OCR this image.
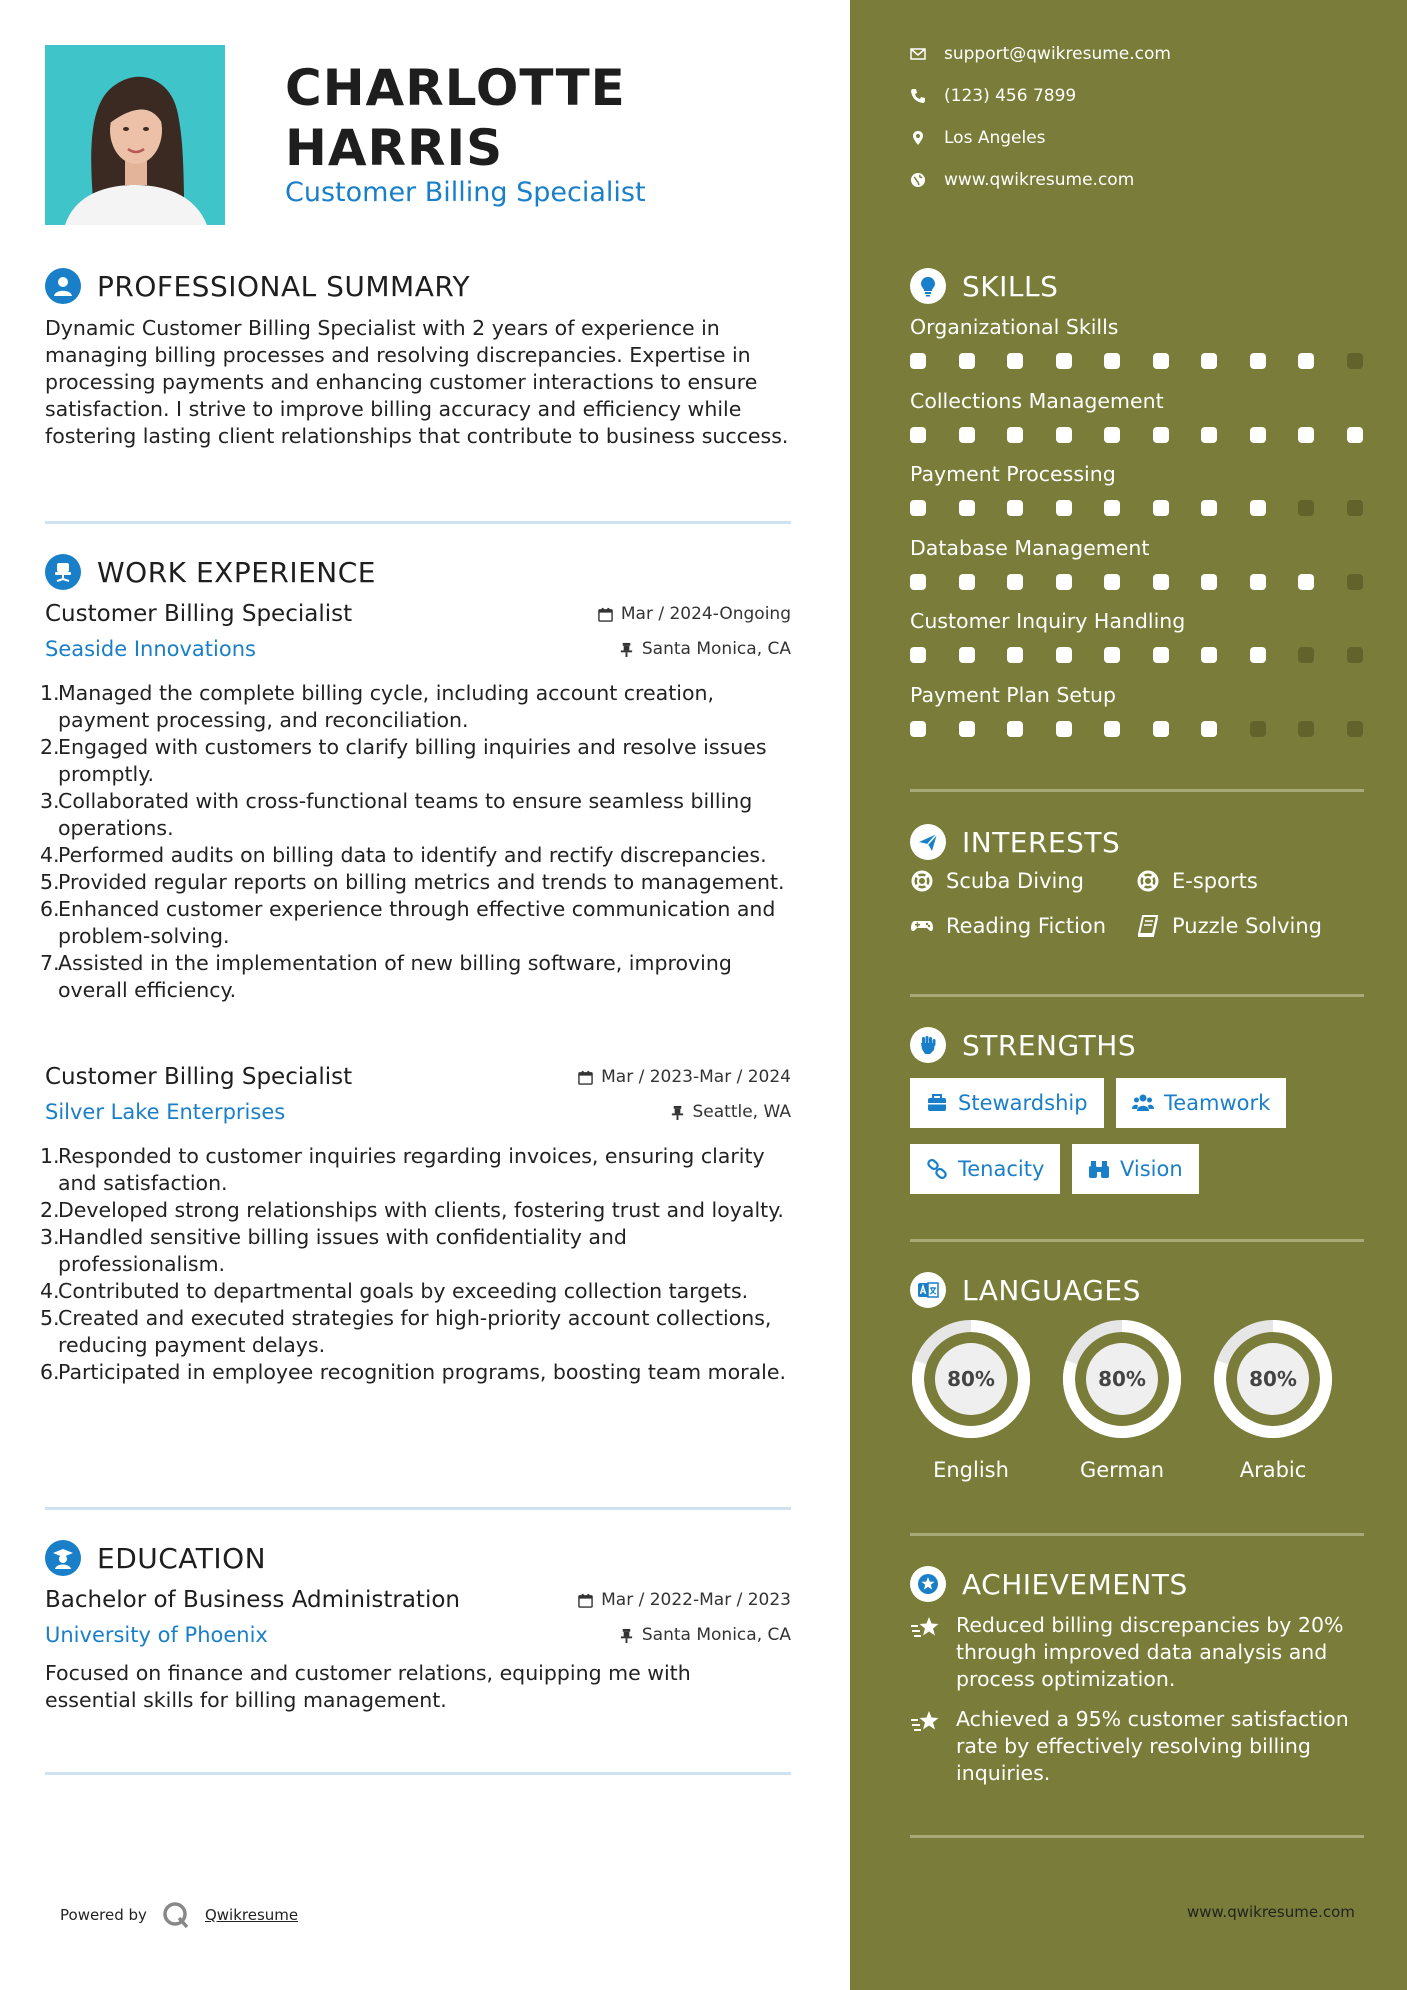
CHARLOTTE
HARRIS
Customer Billing Specialist
PROFESSIONAL SUMMARY
Dynamic Customer Billing Specialist with 2 years of experience in managing billing processes and resolving discrepancies. Expertise in processing payments and enhancing customer interactions to ensure satisfaction. I strive to improve billing accuracy and efficiency while fostering lasting client relationships that contribute to business success.
WORK EXPERIENCE
Customer Billing Specialist	Mar / 2024-Ongoing
Seaside Innovations	Santa Monica, CA
1.
Managed the complete billing cycle, including account creation, payment processing, and reconciliation.
2.
Engaged with customers to clarify billing inquiries and resolve issues promptly.
3.
Collaborated with cross-functional teams to ensure seamless billing operations.
4.
Performed audits on billing data to identify and rectify discrepancies.
5.
Provided regular reports on billing metrics and trends to management.
6.
Enhanced customer experience through effective communication and problem-solving.
7.
Assisted in the implementation of new billing software, improving overall efficiency.
Customer Billing Specialist	Mar / 2023-Mar / 2024
Silver Lake Enterprises	Seattle, WA
1.
Responded to customer inquiries regarding invoices, ensuring clarity and satisfaction.
2.
Developed strong relationships with clients, fostering trust and loyalty.
3.
Handled sensitive billing issues with confidentiality and professionalism.
4.
Contributed to departmental goals by exceeding collection targets.
5.
Created and executed strategies for high-priority account collections, reducing payment delays.
6.
Participated in employee recognition programs, boosting team morale.
EDUCATION
Bachelor of Business Administration	Mar / 2022-Mar / 2023
University of Phoenix	Santa Monica, CA
Focused on finance and customer relations, equipping me with essential skills for billing management.
Powered by	Qwikresume
support@qwikresume.com
(123) 456 7899
Los Angeles
www.qwikresume.com
SKILLS
Organizational Skills
Collections Management
Payment Processing
Database Management
Customer Inquiry Handling
Payment Plan Setup
INTERESTS
Scuba Diving	E-sports
Reading Fiction	Puzzle Solving
STRENGTHS
Stewardship	Teamwork
Tenacity	Vision
LANGUAGES
80%
English
80%
German
80%
Arabic
ACHIEVEMENTS
Reduced billing discrepancies by 20% through improved data analysis and process optimization.
Achieved a 95% customer satisfaction rate by effectively resolving billing inquiries.
www.qwikresume.com
